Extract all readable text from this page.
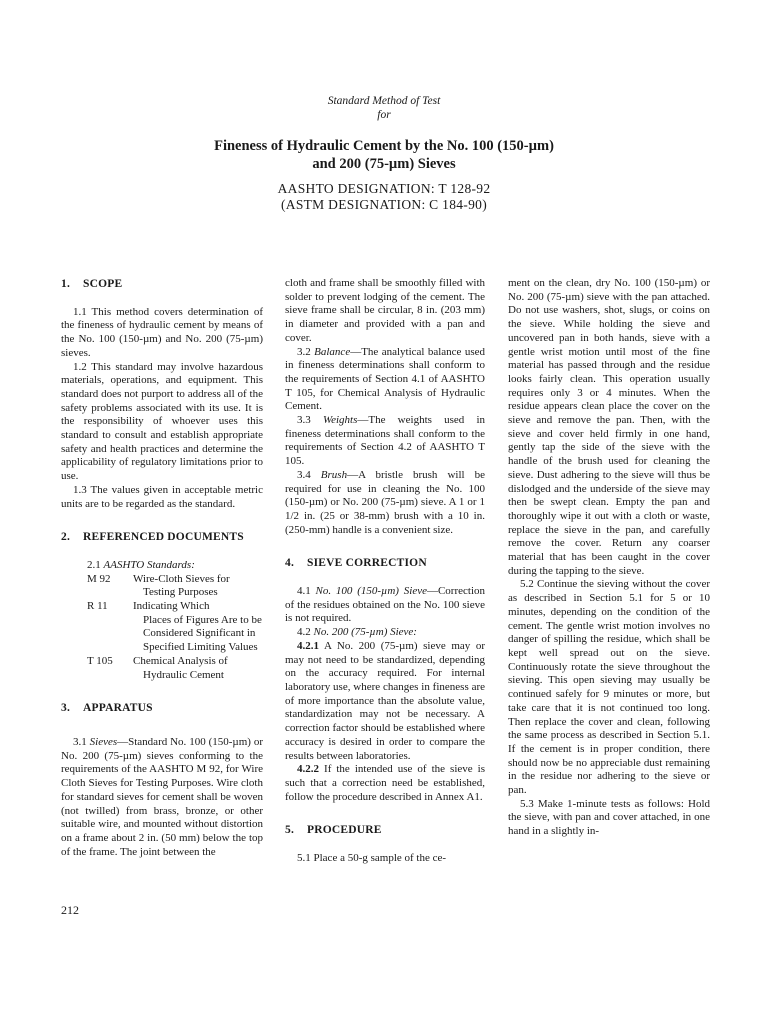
Standard Method of Test
for
Fineness of Hydraulic Cement by the No. 100 (150-µm)
and 200 (75-µm) Sieves
AASHTO DESIGNATION: T 128-92
(ASTM DESIGNATION: C 184-90)

1. SCOPE

1.1 This method covers determination of the fineness of hydraulic cement by means of the No. 100 (150-µm) and No. 200 (75-µm) sieves.

1.2 This standard may involve hazardous materials, operations, and equipment. This standard does not purport to address all of the safety problems associated with its use. It is the responsibility of whoever uses this standard to consult and establish appropriate safety and health practices and determine the applicability of regulatory limitations prior to use.

1.3 The values given in acceptable metric units are to be regarded as the standard.

2. REFERENCED DOCUMENTS

2.1 AASHTO Standards:
M 92	Wire-Cloth Sieves for
Testing Purposes
R 11	Indicating Which
Places of Figures Are to be Considered Significant in Specified Limiting Values
T 105	Chemical Analysis of
Hydraulic Cement

3. APPARATUS

3.1 Sieves—Standard No. 100 (150-µm) or No. 200 (75-µm) sieves conforming to the requirements of the AASHTO M 92, for Wire Cloth Sieves for Testing Purposes. Wire cloth for standard sieves for cement shall be woven (not twilled) from brass, bronze, or other suitable wire, and mounted without distortion on a frame about 2 in. (50 mm) below the top of the frame. The joint between the

cloth and frame shall be smoothly filled with solder to prevent lodging of the cement. The sieve frame shall be circular, 8 in. (203 mm) in diameter and provided with a pan and cover.

3.2 Balance—The analytical balance used in fineness determinations shall conform to the requirements of Section 4.1 of AASHTO T 105, for Chemical Analysis of Hydraulic Cement.

3.3 Weights—The weights used in fineness determinations shall conform to the requirements of Section 4.2 of AASHTO T 105.

3.4 Brush—A bristle brush will be required for use in cleaning the No. 100 (150-µm) or No. 200 (75-µm) sieve. A 1 or 1 1/2 in. (25 or 38-mm) brush with a 10 in. (250-mm) handle is a convenient size.

4. SIEVE CORRECTION

4.1 No. 100 (150-µm) Sieve—Correction of the residues obtained on the No. 100 sieve is not required.

4.2 No. 200 (75-µm) Sieve:

4.2.1 A No. 200 (75-µm) sieve may or may not need to be standardized, depending on the accuracy required. For internal laboratory use, where changes in fineness are of more importance than the absolute value, standardization may not be necessary. A correction factor should be established where accuracy is desired in order to compare the results between laboratories.

4.2.2 If the intended use of the sieve is such that a correction need be established, follow the procedure described in Annex A1.

5. PROCEDURE

5.1 Place a 50-g sample of the ce-

ment on the clean, dry No. 100 (150-µm) or No. 200 (75-µm) sieve with the pan attached. Do not use washers, shot, slugs, or coins on the sieve. While holding the sieve and uncovered pan in both hands, sieve with a gentle wrist motion until most of the fine material has passed through and the residue looks fairly clean. This operation usually requires only 3 or 4 minutes. When the residue appears clean place the cover on the sieve and remove the pan. Then, with the sieve and cover held firmly in one hand, gently tap the side of the sieve with the handle of the brush used for cleaning the sieve. Dust adhering to the sieve will thus be dislodged and the underside of the sieve may then be swept clean. Empty the pan and thoroughly wipe it out with a cloth or waste, replace the sieve in the pan, and carefully remove the cover. Return any coarser material that has been caught in the cover during the tapping to the sieve.

5.2 Continue the sieving without the cover as described in Section 5.1 for 5 or 10 minutes, depending on the condition of the cement. The gentle wrist motion involves no danger of spilling the residue, which shall be kept well spread out on the sieve. Continuously rotate the sieve throughout the sieving. This open sieving may usually be continued safely for 9 minutes or more, but take care that it is not continued too long. Then replace the cover and clean, following the same process as described in Section 5.1. If the cement is in proper condition, there should now be no appreciable dust remaining in the residue nor adhering to the sieve or pan.

5.3 Make 1-minute tests as follows: Hold the sieve, with pan and cover attached, in one hand in a slightly in-

212
